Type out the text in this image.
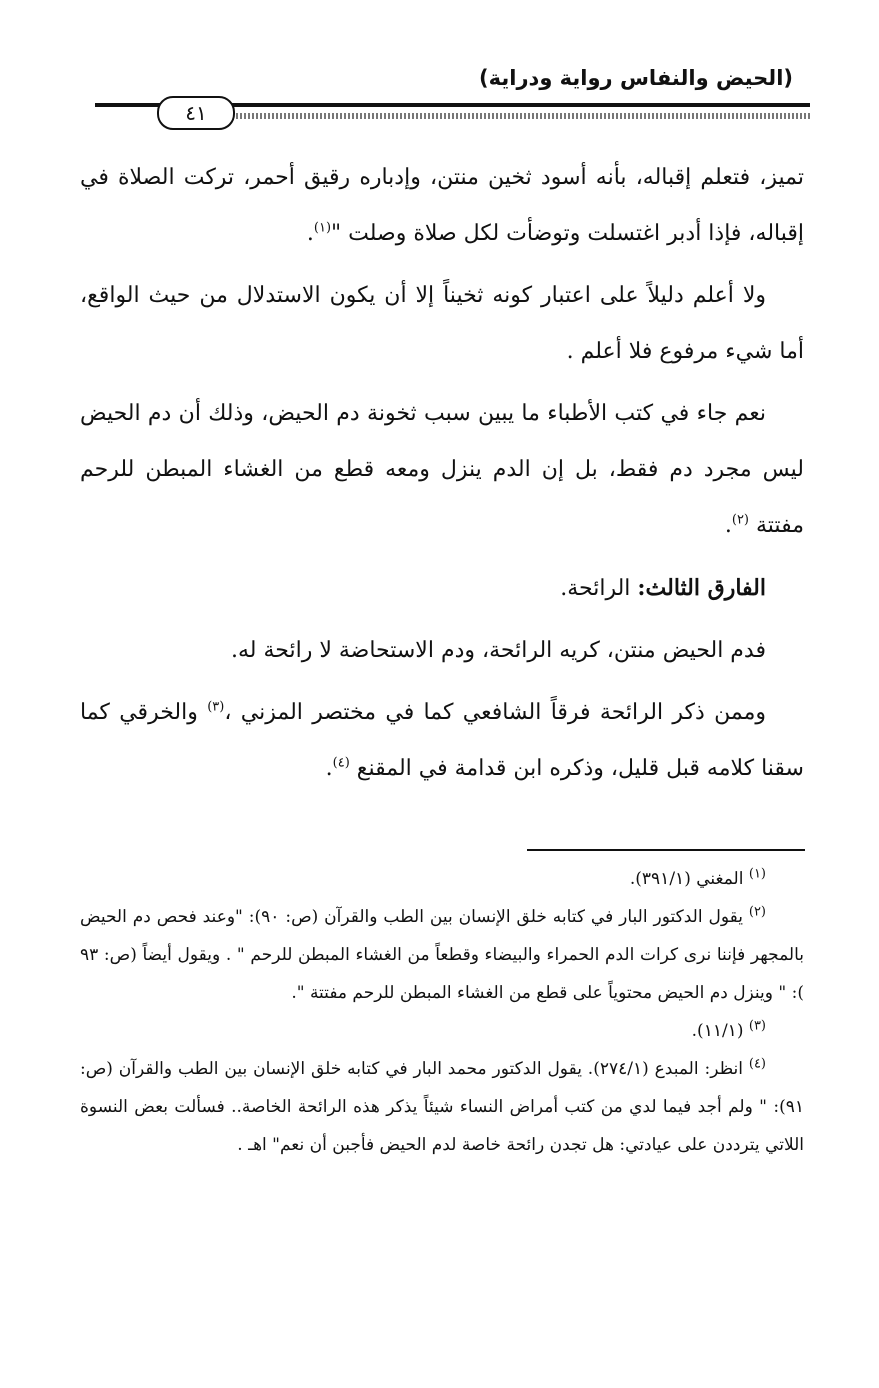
(الحيض والنفاس رواية ودراية)
٤١

تميز، فتعلم إقباله، بأنه أسود ثخين منتن، وإدباره رقيق أحمر، تركت الصلاة في إقباله، فإذا أدبر اغتسلت وتوضأت لكل صلاة وصلت "$^{(١)}$.

ولا أعلم دليلاً على اعتبار كونه ثخيناً إلا أن يكون الاستدلال من حيث الواقع، أما شيء مرفوع فلا أعلم .

نعم جاء في كتب الأطباء ما يبين سبب ثخونة دم الحيض، وذلك أن دم الحيض ليس مجرد دم فقط، بل إن الدم ينزل ومعه قطع من الغشاء المبطن للرحم مفتتة $^{(٢)}$.

الفارق الثالث: الرائحة.

فدم الحيض منتن، كريه الرائحة، ودم الاستحاضة لا رائحة له.

وممن ذكر الرائحة فرقاً الشافعي كما في مختصر المزني ،$^{(٣)}$ والخرقي كما سقنا كلامه قبل قليل، وذكره ابن قدامة في المقنع $^{(٤)}$.

$^{(١)}$ المغني (٣٩١/١).

$^{(٢)}$ يقول الدكتور البار في كتابه خلق الإنسان بين الطب والقرآن (ص: ٩٠): "وعند فحص دم الحيض بالمجهر فإننا نرى كرات الدم الحمراء والبيضاء وقطعاً من الغشاء المبطن للرحم " . ويقول أيضاً (ص: ٩٣ ): " وينزل دم الحيض محتوياً على قطع من الغشاء المبطن للرحم مفتتة ".

$^{(٣)}$ (١١/١).

$^{(٤)}$ انظر: المبدع (٢٧٤/١). يقول الدكتور محمد البار في كتابه خلق الإنسان بين الطب والقرآن (ص: ٩١): " ولم أجد فيما لدي من كتب أمراض النساء شيئاً يذكر هذه الرائحة الخاصة.. فسألت بعض النسوة اللاتي يترددن على عيادتي: هل تجدن رائحة خاصة لدم الحيض فأجبن أن نعم" اهـ .
